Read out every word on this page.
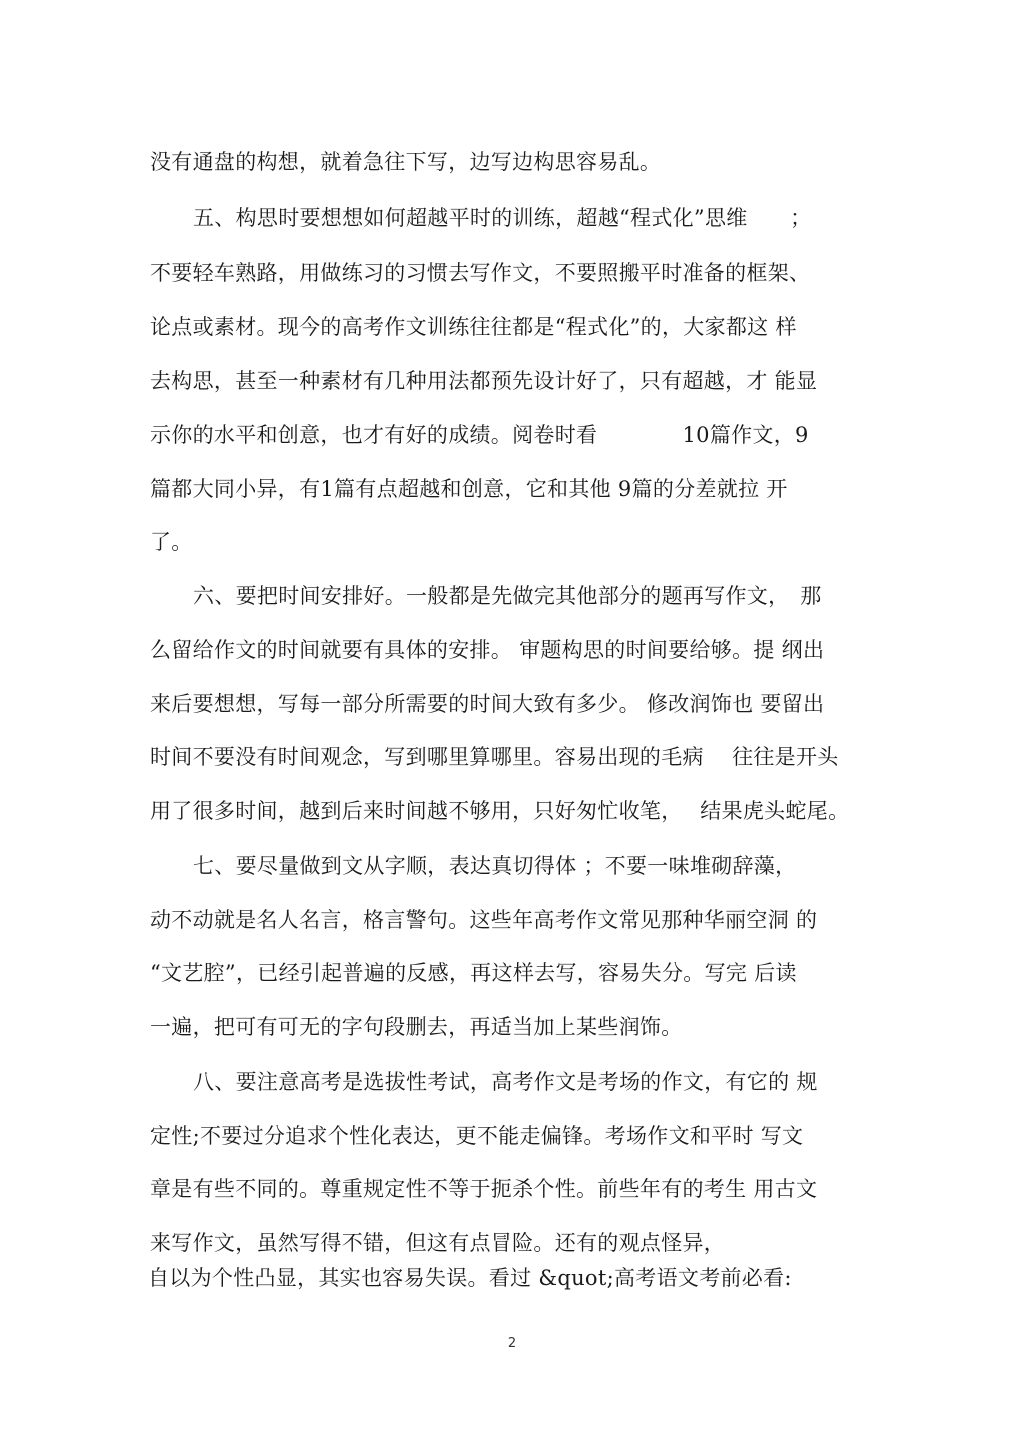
没有通盘的构想，就着急往下写，边写边构思容易乱。
五、构思时要想想如何超越平时的训练，超越“程式化”思维　　；
不要轻车熟路，用做练习的习惯去写作文，不要照搬平时准备的框架、
论点或素材。现今的高考作文训练往往都是“程式化”的，大家都这 样
去构思，甚至一种素材有几种用法都预先设计好了，只有超越，才 能显
示你的水平和创意，也才有好的成绩。阅卷时看　　　　10篇作文，9
篇都大同小异，有1篇有点超越和创意，它和其他 9篇的分差就拉 开
了。
六、要把时间安排好。一般都是先做完其他部分的题再写作文，　那
么留给作文的时间就要有具体的安排。 审题构思的时间要给够。提 纲出
来后要想想，写每一部分所需要的时间大致有多少。 修改润饰也 要留出
时间不要没有时间观念，写到哪里算哪里。容易出现的毛病　 往往是开头
用了很多时间，越到后来时间越不够用，只好匆忙收笔，　 结果虎头蛇尾。
七、要尽量做到文从字顺，表达真切得体 ；不要一味堆砌辞藻，
动不动就是名人名言，格言警句。这些年高考作文常见那种华丽空洞 的
“文艺腔”，已经引起普遍的反感，再这样去写，容易失分。写完 后读
一遍，把可有可无的字句段删去，再适当加上某些润饰。
八、要注意高考是选拔性考试，高考作文是考场的作文，有它的 规
定性;不要过分追求个性化表达，更不能走偏锋。考场作文和平时 写文
章是有些不同的。尊重规定性不等于扼杀个性。前些年有的考生 用古文
来写作文，虽然写得不错，但这有点冒险。还有的观点怪异，
自以为个性凸显，其实也容易失误。看过 &quot;高考语文考前必看:
2
